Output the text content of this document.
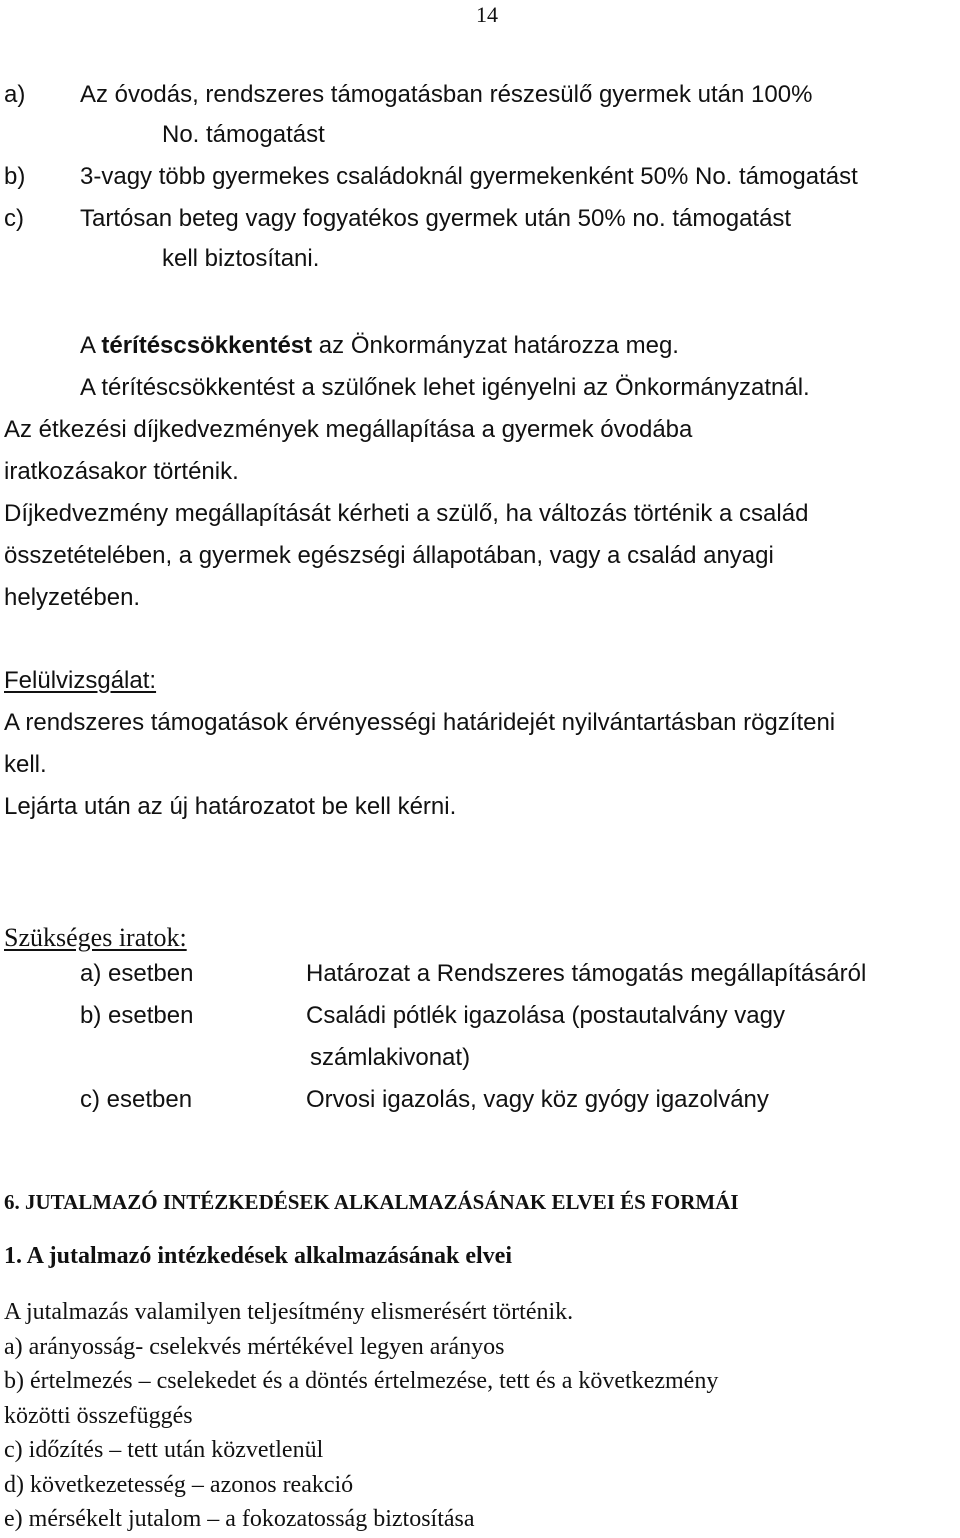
14
a) Az óvodás, rendszeres támogatásban részesülő gyermek után 100%
No. támogatást
b) 3-vagy több gyermekes családoknál gyermekenként 50% No. támogatást
c) Tartósan beteg vagy fogyatékos gyermek után 50% no. támogatást
kell biztosítani.
A térítéscsökkentést az Önkormányzat határozza meg.
A térítéscsökkentést a szülőnek lehet igényelni az Önkormányzatnál.
Az étkezési díjkedvezmények megállapítása a gyermek óvodába
iratkozásakor történik.
Díjkedvezmény megállapítását kérheti a szülő, ha változás történik a család
összetételében, a gyermek egészségi állapotában, vagy a család anyagi
helyzetében.
Felülvizsgálat:
A rendszeres támogatások érvényességi határidejét nyilvántartásban rögzíteni
kell.
Lejárta után az új határozatot be kell kérni.
Szükséges iratok:
a) esetben	Határozat a Rendszeres támogatás megállapításáról
b) esetben	Családi pótlék igazolása (postautalvány vagy
számlakivonat)
c) esetben	Orvosi igazolás, vagy köz gyógy igazolvány
6. JUTALMAZÓ INTÉZKEDÉSEK ALKALMAZÁSÁNAK ELVEI ÉS FORMÁI
1. A jutalmazó intézkedések alkalmazásának elvei
A jutalmazás valamilyen teljesítmény elismerésért történik.
a) arányosság- cselekvés mértékével legyen arányos
b) értelmezés – cselekedet és a döntés értelmezése, tett és a következmény
közötti összefüggés
c) időzítés – tett után közvetlenül
d) következetesség – azonos reakció
e) mérsékelt jutalom – a fokozatosság biztosítása
